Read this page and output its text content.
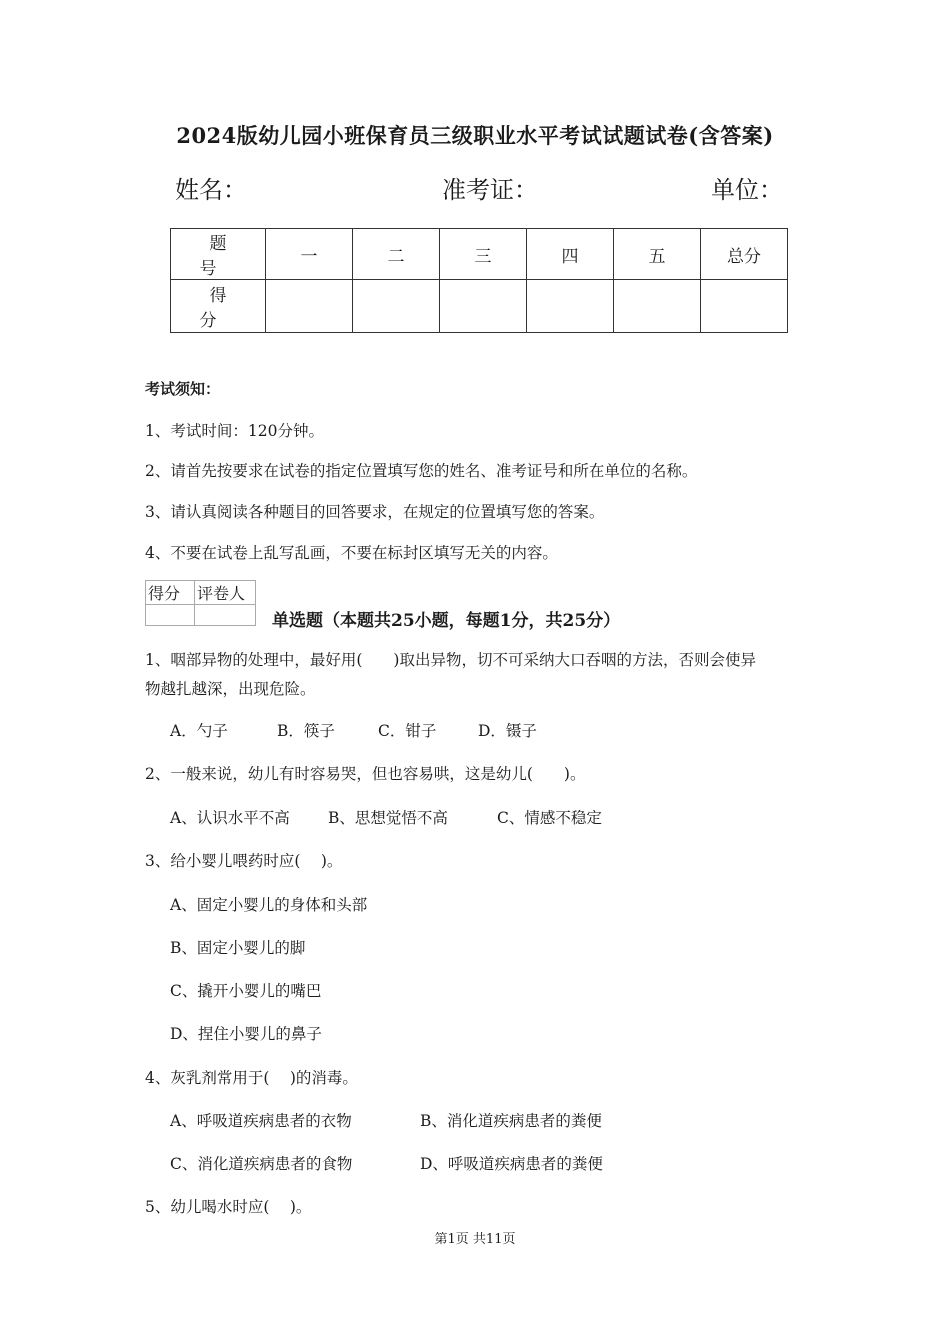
2024版幼儿园小班保育员三级职业水平考试试题试卷(含答案)
姓名：	准考证：	单位：
题　号	一	二	三	四	五	总分
得　分						
考试须知：
1、考试时间：120分钟。
2、请首先按要求在试卷的指定位置填写您的姓名、准考证号和所在单位的名称。
3、请认真阅读各种题目的回答要求，在规定的位置填写您的答案。
4、不要在试卷上乱写乱画，不要在标封区填写无关的内容。
得分	评卷人

单选题（本题共25小题，每题1分，共25分）
1、咽部异物的处理中，最好用(　　)取出异物，切不可采纳大口吞咽的方法，否则会使异
物越扎越深，出现危险。
A．勺子	B．筷子	C．钳子	D．镊子
2、一般来说，幼儿有时容易哭，但也容易哄，这是幼儿(　　)。
A、认识水平不高 B、思想觉悟不高	C、情感不稳定
3、给小婴儿喂药时应(　 )。
A、固定小婴儿的身体和头部
B、固定小婴儿的脚
C、撬开小婴儿的嘴巴
D、捏住小婴儿的鼻子
4、灰乳剂常用于(　 )的消毒。
A、呼吸道疾病患者的衣物	B、消化道疾病患者的粪便
C、消化道疾病患者的食物	D、呼吸道疾病患者的粪便
5、幼儿喝水时应(　 )。
第1页 共11页
